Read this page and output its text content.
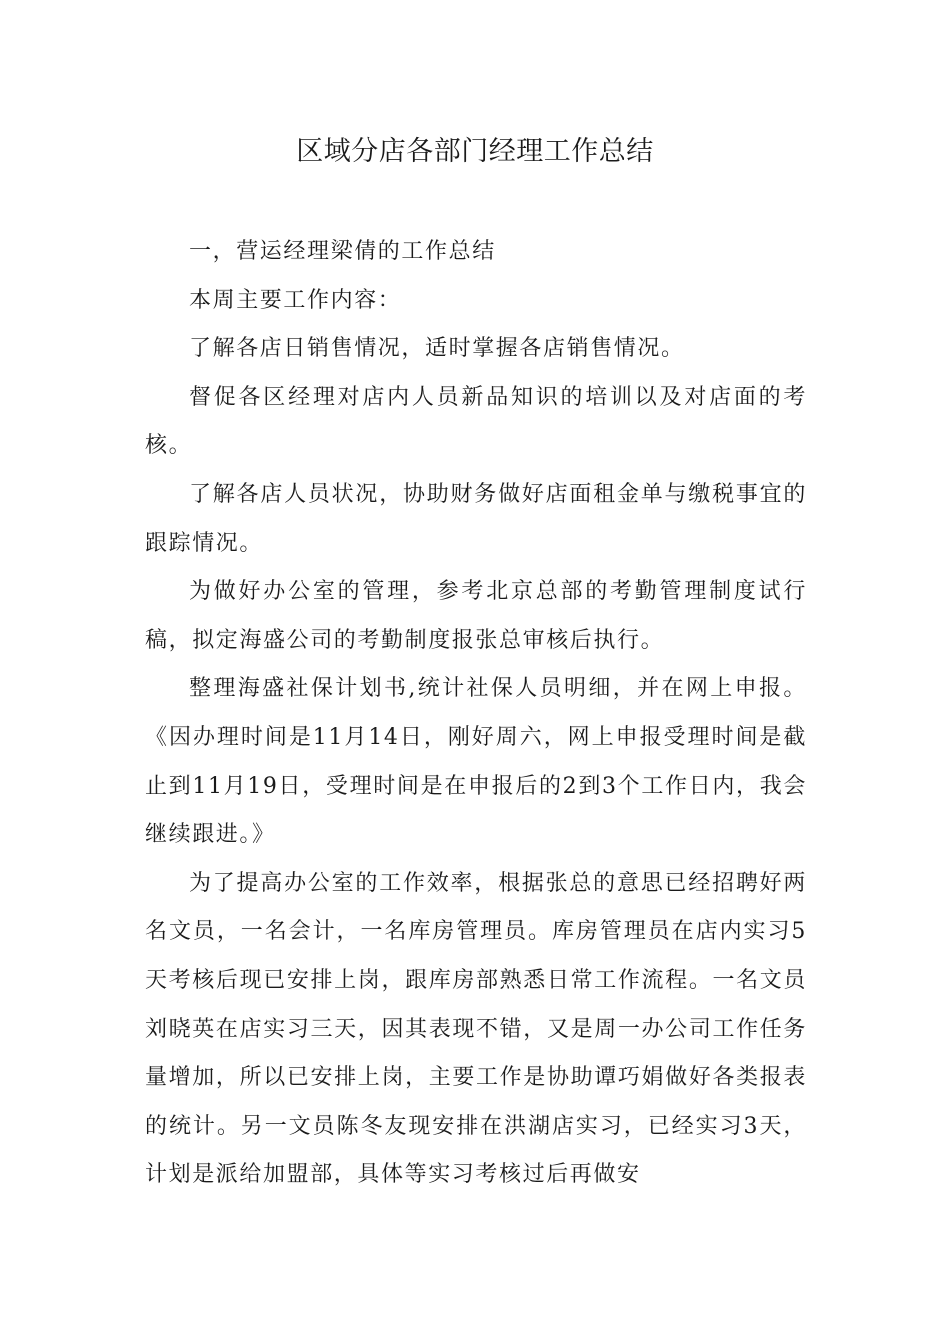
区域分店各部门经理工作总结

一，营运经理梁倩的工作总结

本周主要工作内容：

了解各店日销售情况，适时掌握各店销售情况。

督促各区经理对店内人员新品知识的培训以及对店面的考核。

了解各店人员状况，协助财务做好店面租金单与缴税事宜的跟踪情况。

为做好办公室的管理，参考北京总部的考勤管理制度试行稿，拟定海盛公司的考勤制度报张总审核后执行。

整理海盛社保计划书,统计社保人员明细，并在网上申报。《因办理时间是11月14日，刚好周六，网上申报受理时间是截止到11月19日，受理时间是在申报后的2到3个工作日内，我会继续跟进。》

为了提高办公室的工作效率，根据张总的意思已经招聘好两名文员，一名会计，一名库房管理员。库房管理员在店内实习5天考核后现已安排上岗，跟库房部熟悉日常工作流程。一名文员刘晓英在店实习三天，因其表现不错，又是周一办公司工作任务量增加，所以已安排上岗，主要工作是协助谭巧娟做好各类报表的统计。另一文员陈冬友现安排在洪湖店实习，已经实习3天，计划是派给加盟部，具体等实习考核过后再做安
